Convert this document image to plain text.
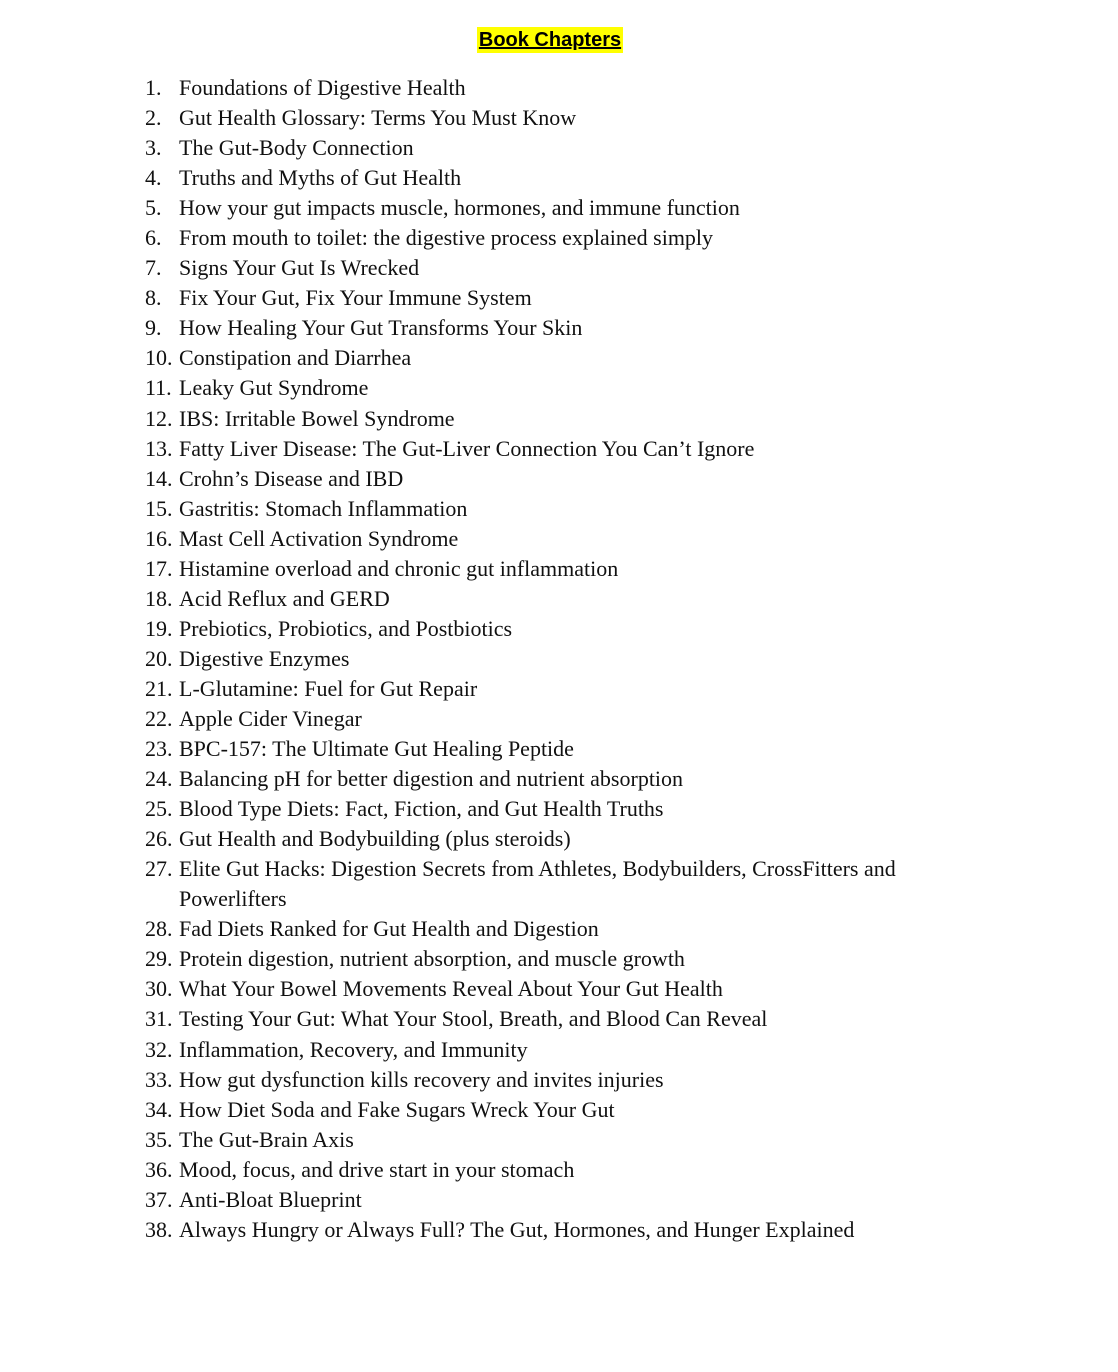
Book Chapters
1. Foundations of Digestive Health
2. Gut Health Glossary: Terms You Must Know
3. The Gut-Body Connection
4. Truths and Myths of Gut Health
5. How your gut impacts muscle, hormones, and immune function
6. From mouth to toilet: the digestive process explained simply
7. Signs Your Gut Is Wrecked
8. Fix Your Gut, Fix Your Immune System
9. How Healing Your Gut Transforms Your Skin
10. Constipation and Diarrhea
11. Leaky Gut Syndrome
12. IBS: Irritable Bowel Syndrome
13. Fatty Liver Disease: The Gut-Liver Connection You Can’t Ignore
14. Crohn’s Disease and IBD
15. Gastritis: Stomach Inflammation
16. Mast Cell Activation Syndrome
17. Histamine overload and chronic gut inflammation
18. Acid Reflux and GERD
19. Prebiotics, Probiotics, and Postbiotics
20. Digestive Enzymes
21. L-Glutamine: Fuel for Gut Repair
22. Apple Cider Vinegar
23. BPC-157: The Ultimate Gut Healing Peptide
24. Balancing pH for better digestion and nutrient absorption
25. Blood Type Diets: Fact, Fiction, and Gut Health Truths
26. Gut Health and Bodybuilding (plus steroids)
27. Elite Gut Hacks: Digestion Secrets from Athletes, Bodybuilders, CrossFitters and Powerlifters
28. Fad Diets Ranked for Gut Health and Digestion
29. Protein digestion, nutrient absorption, and muscle growth
30. What Your Bowel Movements Reveal About Your Gut Health
31. Testing Your Gut: What Your Stool, Breath, and Blood Can Reveal
32. Inflammation, Recovery, and Immunity
33. How gut dysfunction kills recovery and invites injuries
34. How Diet Soda and Fake Sugars Wreck Your Gut
35. The Gut-Brain Axis
36. Mood, focus, and drive start in your stomach
37. Anti-Bloat Blueprint
38. Always Hungry or Always Full? The Gut, Hormones, and Hunger Explained
